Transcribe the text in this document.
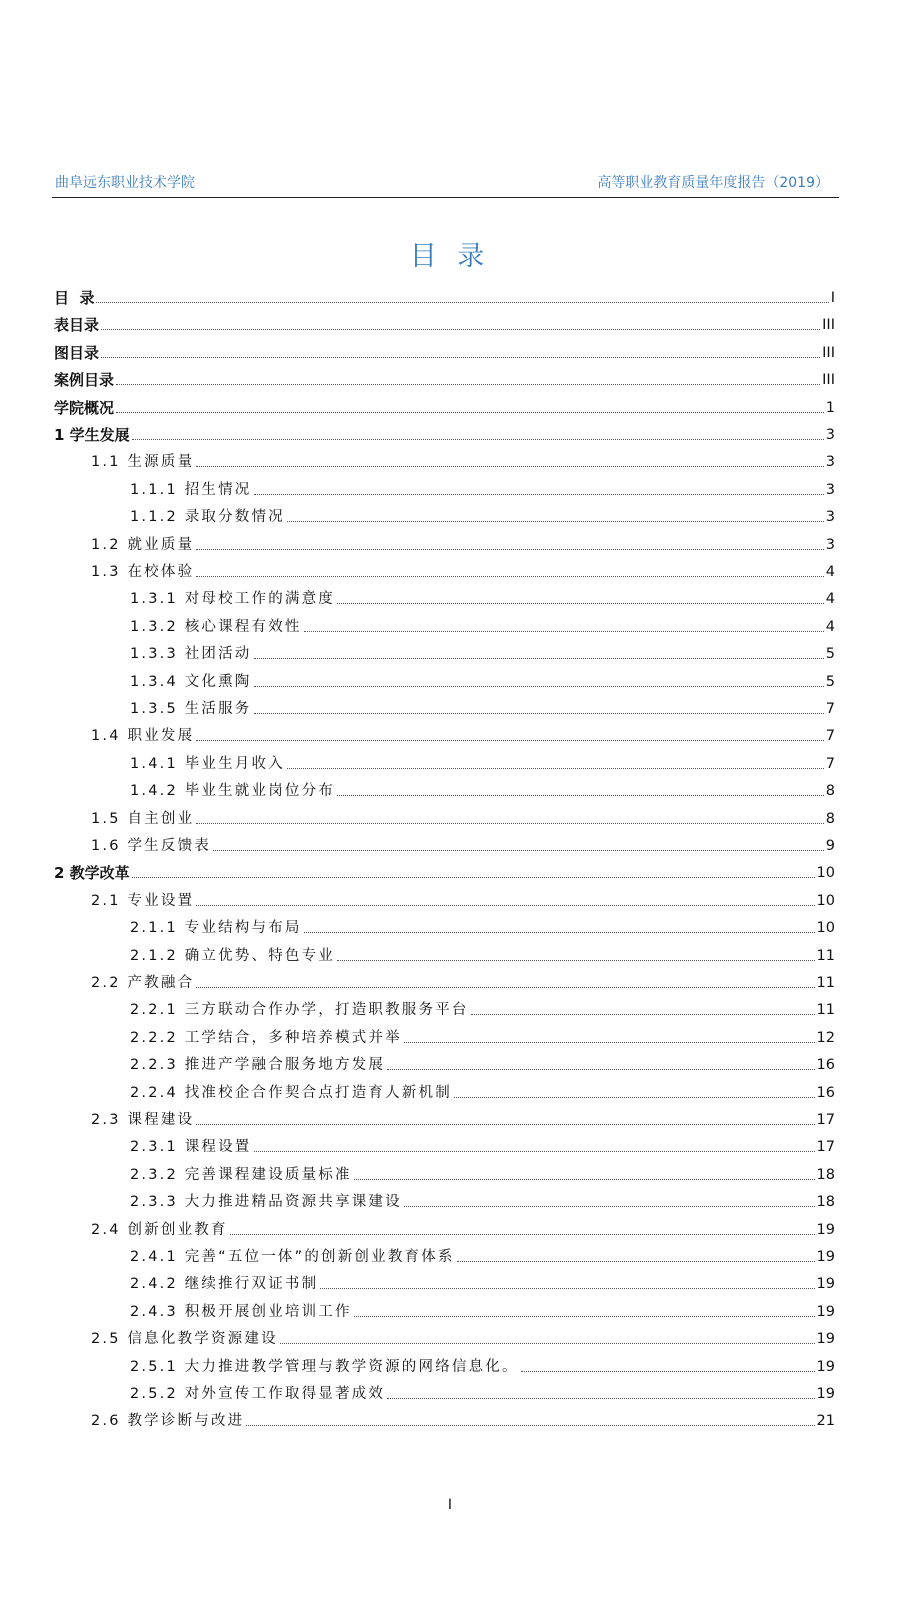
曲阜远东职业技术学院	高等职业教育质量年度报告（2019）
目 录
目  录	I
表目录	III
图目录	III
案例目录	III
学院概况	1
1 学生发展	3
1.1 生源质量	3
1.1.1 招生情况	3
1.1.2 录取分数情况	3
1.2 就业质量	3
1.3 在校体验	4
1.3.1 对母校工作的满意度	4
1.3.2 核心课程有效性	4
1.3.3 社团活动	5
1.3.4 文化熏陶	5
1.3.5 生活服务	7
1.4 职业发展	7
1.4.1 毕业生月收入	7
1.4.2 毕业生就业岗位分布	8
1.5 自主创业	8
1.6 学生反馈表	9
2 教学改革	10
2.1 专业设置	10
2.1.1 专业结构与布局	10
2.1.2 确立优势、特色专业	11
2.2 产教融合	11
2.2.1 三方联动合作办学，打造职教服务平台	11
2.2.2 工学结合，多种培养模式并举	12
2.2.3 推进产学融合服务地方发展	16
2.2.4 找准校企合作契合点打造育人新机制	16
2.3 课程建设	17
2.3.1 课程设置	17
2.3.2 完善课程建设质量标准	18
2.3.3 大力推进精品资源共享课建设	18
2.4 创新创业教育	19
2.4.1 完善“五位一体”的创新创业教育体系	19
2.4.2 继续推行双证书制	19
2.4.3 积极开展创业培训工作	19
2.5 信息化教学资源建设	19
2.5.1 大力推进教学管理与教学资源的网络信息化。	19
2.5.2 对外宣传工作取得显著成效	19
2.6 教学诊断与改进	21
I
